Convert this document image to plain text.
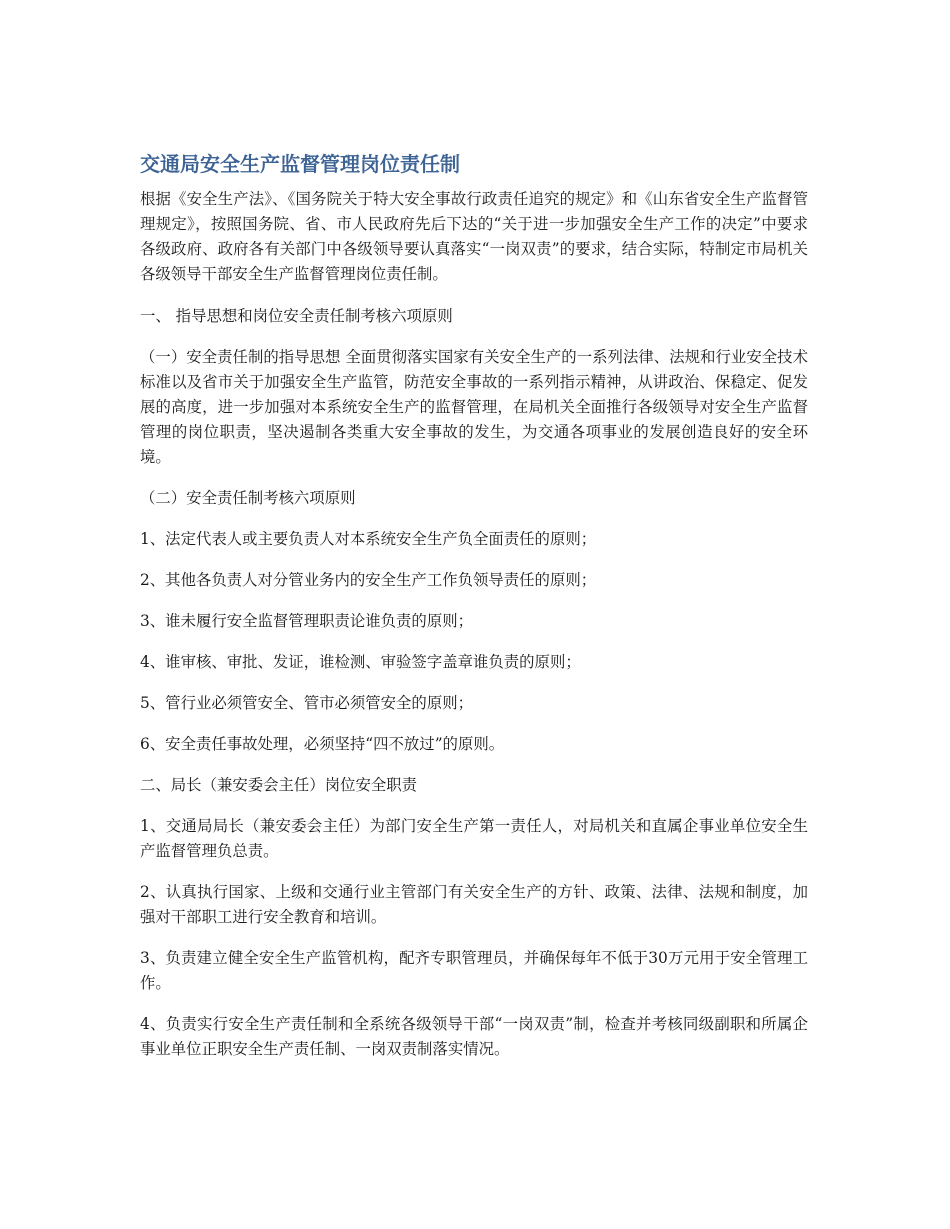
交通局安全生产监督管理岗位责任制

根据《安全生产法》、《国务院关于特大安全事故行政责任追究的规定》和《山东省安全生产监督管理规定》，按照国务院、省、市人民政府先后下达的“关于进一步加强安全生产工作的决定”中要求各级政府、政府各有关部门中各级领导要认真落实“一岗双责”的要求，结合实际，特制定市局机关各级领导干部安全生产监督管理岗位责任制。

一、 指导思想和岗位安全责任制考核六项原则

（一）安全责任制的指导思想 全面贯彻落实国家有关安全生产的一系列法律、法规和行业安全技术标准以及省市关于加强安全生产监管，防范安全事故的一系列指示精神，从讲政治、保稳定、促发展的高度，进一步加强对本系统安全生产的监督管理，在局机关全面推行各级领导对安全生产监督管理的岗位职责，坚决遏制各类重大安全事故的发生，为交通各项事业的发展创造良好的安全环境。

（二）安全责任制考核六项原则

1、法定代表人或主要负责人对本系统安全生产负全面责任的原则；

2、其他各负责人对分管业务内的安全生产工作负领导责任的原则；

3、谁未履行安全监督管理职责论谁负责的原则；

4、谁审核、审批、发证，谁检测、审验签字盖章谁负责的原则；

5、管行业必须管安全、管市必须管安全的原则；

6、安全责任事故处理，必须坚持“四不放过”的原则。

二、局长（兼安委会主任）岗位安全职责

1、交通局局长（兼安委会主任）为部门安全生产第一责任人，对局机关和直属企事业单位安全生产监督管理负总责。

2、认真执行国家、上级和交通行业主管部门有关安全生产的方针、政策、法律、法规和制度，加强对干部职工进行安全教育和培训。

3、负责建立健全安全生产监管机构，配齐专职管理员，并确保每年不低于30万元用于安全管理工作。

4、负责实行安全生产责任制和全系统各级领导干部“一岗双责”制，检查并考核同级副职和所属企事业单位正职安全生产责任制、一岗双责制落实情况。
